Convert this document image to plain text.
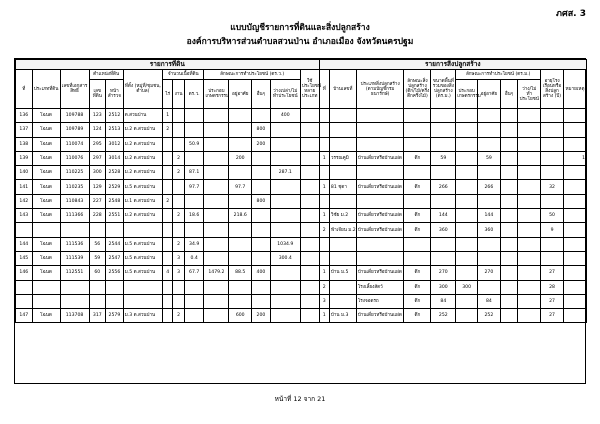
ภศส. 3
แบบบัญชีรายการที่ดินและสิ่งปลูกสร้าง
องค์การบริหารส่วนตำบลสวนป่าน อำเภอเมือง จังหวัดนครปฐม
รายการที่ดิน														รายการสิ่งปลูกสร้าง										
ที่	ประเภทที่ดิน	เลขที่เอกสารสิทธิ์	ตำแหน่งที่ดิน		ที่ตั้ง (หมู่ที่/ชุมชน, ตำบล)	จำนวนเนื้อที่ดิน			ลักษณะการทำประโยชน์ (ตร.ว.)				ใช้ประโยชน์หลายประเภท	ที่	บ้านเลขที่	ประเภทสิ่งปลูกสร้าง (ตามบัญชีกรมธนารักษ์)	ลักษณะสิ่งปลูกสร้าง (ตึก/ไม้/ครึ่งตึกครึ่งไม้)	ขนาดพื้นที่รวมของสิ่งปลูกสร้าง (ตร.ม.)	ลักษณะการทำประโยชน์ (ตร.ม.)				อายุโรงเรือนหรือสิ่งปลูกสร้าง (ปี)	หมายเหตุ
			เลขที่ดิน	หน้าสำรวจ		ไร่	งาน	ตร.ว.	ประกอบเกษตรกรรม	อยู่อาศัย	อื่นๆ	ว่างเปล่า/ไม่ทำประโยชน์							ประกอบเกษตรกรรม	อยู่อาศัย	อื่นๆ	ว่าง/ไม่ทำประโยชน์		
136	โฉนด	109788	123	2512	ต.สวนป่าน	1						400												
137	โฉนด	109789	124	2513	ม.2 ต.สวนป่าน	2					800													
138	โฉนด	110074	295	3012	ม.2 ต.สวนป่าน			50.9			200													
139	โฉนด	110076	297	3014	ม.2 ต.สวนป่าน		2			200				1	วรรณคูมิ	บ้านเดี่ยวหรือบ้านแฝด	ตึก	59		59				1
140	โฉนด	110225	300	2528	ม.2 ต.สวนป่าน		2	87.1				287.1												
141	โฉนด	110235	129	2529	ม.5 ต.สวนป่าน			97.7		97.7				1	81 ชุดา	บ้านเดี่ยวหรือบ้านแฝด	ตึก	266		266			32	
142	โฉนด	110843	227	2548	ม.1 ต.สวนป่าน	2					800													
143	โฉนด	111366	228	2551	ม.2 ต.สวนป่าน		2	18.6		218.6				1	วิชัย ม.2	บ้านเดี่ยวหรือบ้านแฝด	ตึก	144		144			50	
														2	ฟ้าเจียน ม.2	บ้านเดี่ยวหรือบ้านแฝด	ตึก	360		360			9	
144	โฉนด	111536	56	2544	ม.5 ต.สวนป่าน		2	34.9				1034.9												
145	โฉนด	111539	59	2547	ม.5 ต.สวนป่าน		3	0.4				300.4												
146	โฉนด	112551	60	2556	ม.5 ต.สวนป่าน	4	3	67.7	1479.2	88.5	400			1	บ้าน ม.5	บ้านเดี่ยวหรือบ้านแฝด	ตึก	270		270			27	
														2		โรงเลี้ยงสัตว์	ตึก	300	300				28	
														3		โรงจอดรถ	ตึก	84		84			27	
147	โฉนด	113708	317	2579	ม.3 ต.สวนป่าน		2			600	200			1	บ้าน ม.3	บ้านเดี่ยวหรือบ้านแฝด	ตึก	252		252			27	
หน้าที่ 12 จาก 21
